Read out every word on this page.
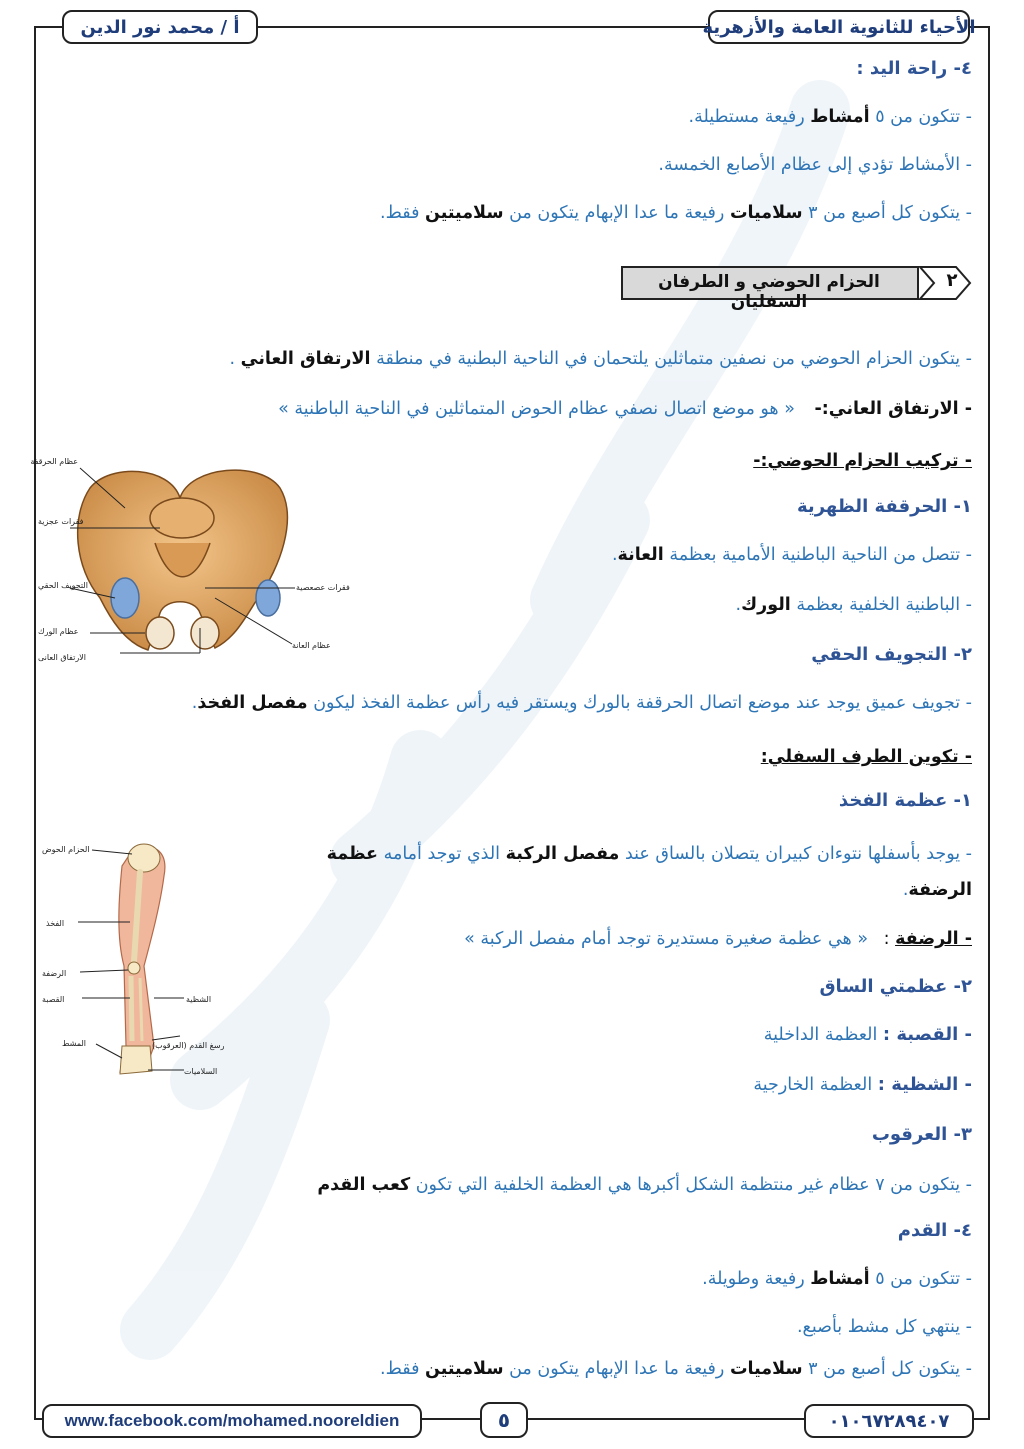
أ / محمد نور الدين	الأحياء للثانوية العامة والأزهرية
www.facebook.com/mohamed.nooreldien	٥	٠١٠٦٧٢٨٩٤٠٧
٢
الحزام الحوضي و الطرفان السفليان
٤- راحة اليد :
- تتكون من ٥ أمشاط رفيعة مستطيلة.
- الأمشاط تؤدي إلى عظام الأصابع الخمسة.
- يتكون كل أصبع من ٣ سلاميات رفيعة ما عدا الإبهام يتكون من سلاميتين فقط.
- يتكون الحزام الحوضي من نصفين متماثلين يلتحمان في الناحية البطنية في منطقة الارتفاق العاني .
- الارتفاق العاني:- « هو موضع اتصال نصفي عظام الحوض المتماثلين في الناحية الباطنية »
- تركيب الحزام الحوضي:-
١- الحرقفة الظهرية
- تتصل من الناحية الباطنية الأمامية بعظمة العانة.
- الباطنية الخلفية بعظمة الورك.
٢- التجويف الحقي
- تجويف عميق يوجد عند موضع اتصال الحرقفة بالورك ويستقر فيه رأس عظمة الفخذ ليكون مفصل الفخذ.
- تكوين الطرف السفلي:
١- عظمة الفخذ
- يوجد بأسفلها نتوءان كبيران يتصلان بالساق عند مفصل الركبة الذي توجد أمامه عظمة الرضفة.
- الرضفة : « هي عظمة صغيرة مستديرة توجد أمام مفصل الركبة »
٢- عظمتي الساق
- القصبة : العظمة الداخلية
- الشظية : العظمة الخارجية
٣- العرقوب
- يتكون من ٧ عظام غير منتظمة الشكل أكبرها هي العظمة الخلفية التي تكون كعب القدم
٤- القدم
- تتكون من ٥ أمشاط رفيعة وطويلة.
- ينتهي كل مشط بأصبع.
- يتكون كل أصبع من ٣ سلاميات رفيعة ما عدا الإبهام يتكون من سلاميتين فقط.
عظام الحرقفة
فقرات عجزية
التجويف الحقي
عظام الورك
الارتفاق العانى
فقرات عصعصية
عظام العانة
الحزام الحوض
الفخذ
الرضفة
القصبة	الشظية
رسغ القدم (العرقوب)
المشط
السلاميات
